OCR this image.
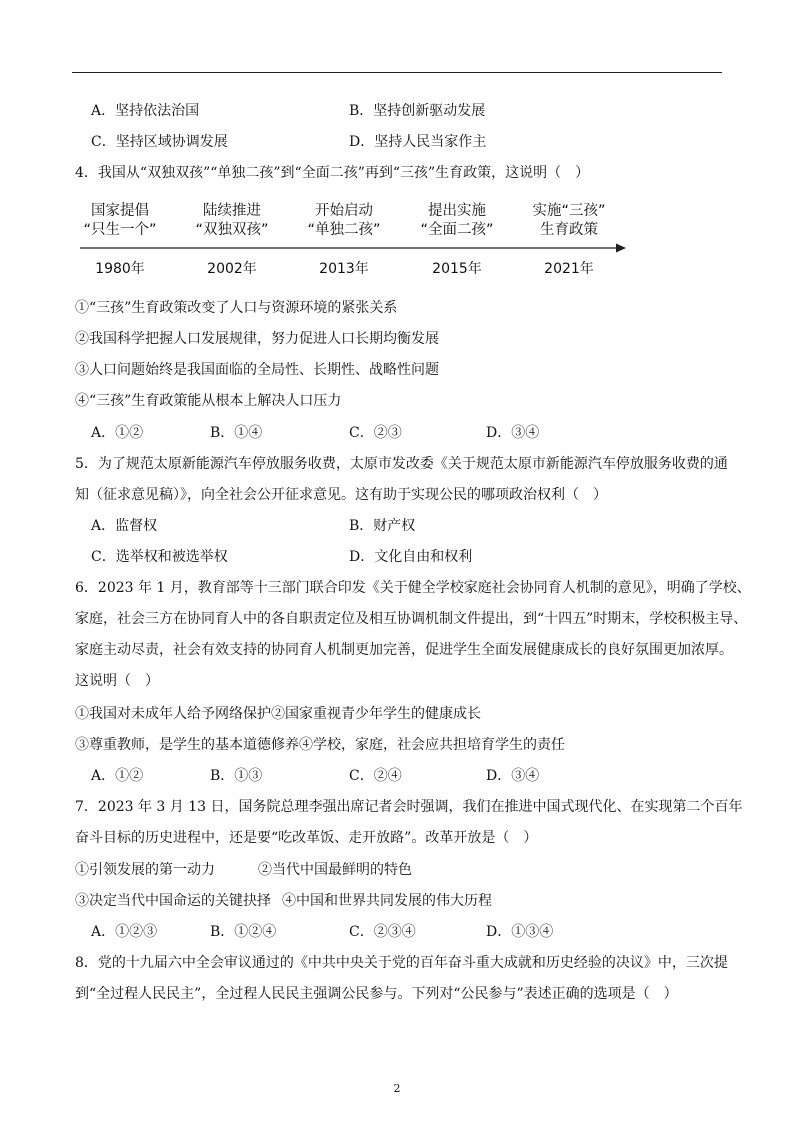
A．坚持依法治国	B．坚持创新驱动发展
C．坚持区域协调发展	D．坚持人民当家作主
4．我国从“双独双孩”“单独二孩”到“全面二孩”再到“三孩”生育政策，这说明（　）
国家提倡
“只生一个”
陆续推进
“双独双孩”
开始启动
“单独二孩”
提出实施
“全面二孩”
实施“三孩”
生育政策
1980年	2002年	2013年	2015年	2021年
①“三孩”生育政策改变了人口与资源环境的紧张关系
②我国科学把握人口发展规律，努力促进人口长期均衡发展
③人口问题始终是我国面临的全局性、长期性、战略性问题
④“三孩”生育政策能从根本上解决人口压力
A．①②	B．①④	C．②③	D．③④
5．为了规范太原新能源汽车停放服务收费，太原市发改委《关于规范太原市新能源汽车停放服务收费的通
知（征求意见稿）》，向全社会公开征求意见。这有助于实现公民的哪项政治权利（　）
A．监督权	B．财产权
C．选举权和被选举权	D．文化自由和权利
6．2023 年 1 月，教育部等十三部门联合印发《关于健全学校家庭社会协同育人机制的意见》，明确了学校、
家庭，社会三方在协同育人中的各自职责定位及相互协调机制文件提出，到“十四五”时期末，学校积极主导、
家庭主动尽责，社会有效支持的协同育人机制更加完善，促进学生全面发展健康成长的良好氛围更加浓厚。
这说明（　）
①我国对未成年人给予网络保护②国家重视青少年学生的健康成长
③尊重教师，是学生的基本道德修养④学校，家庭，社会应共担培育学生的责任
A．①②	B．①③	C．②④	D．③④
7．2023 年 3 月 13 日，国务院总理李强出席记者会时强调，我们在推进中国式现代化、在实现第二个百年
奋斗目标的历史进程中，还是要“吃改革饭、走开放路”。改革开放是（　）
①引领发展的第一动力	②当代中国最鲜明的特色
③决定当代中国命运的关键抉择 ④中国和世界共同发展的伟大历程
A．①②③	B．①②④	C．②③④	D．①③④
8．党的十九届六中全会审议通过的《中共中央关于党的百年奋斗重大成就和历史经验的决议》中，三次提
到“全过程人民民主”，全过程人民民主强调公民参与。下列对“公民参与”表述正确的选项是（　）
2
